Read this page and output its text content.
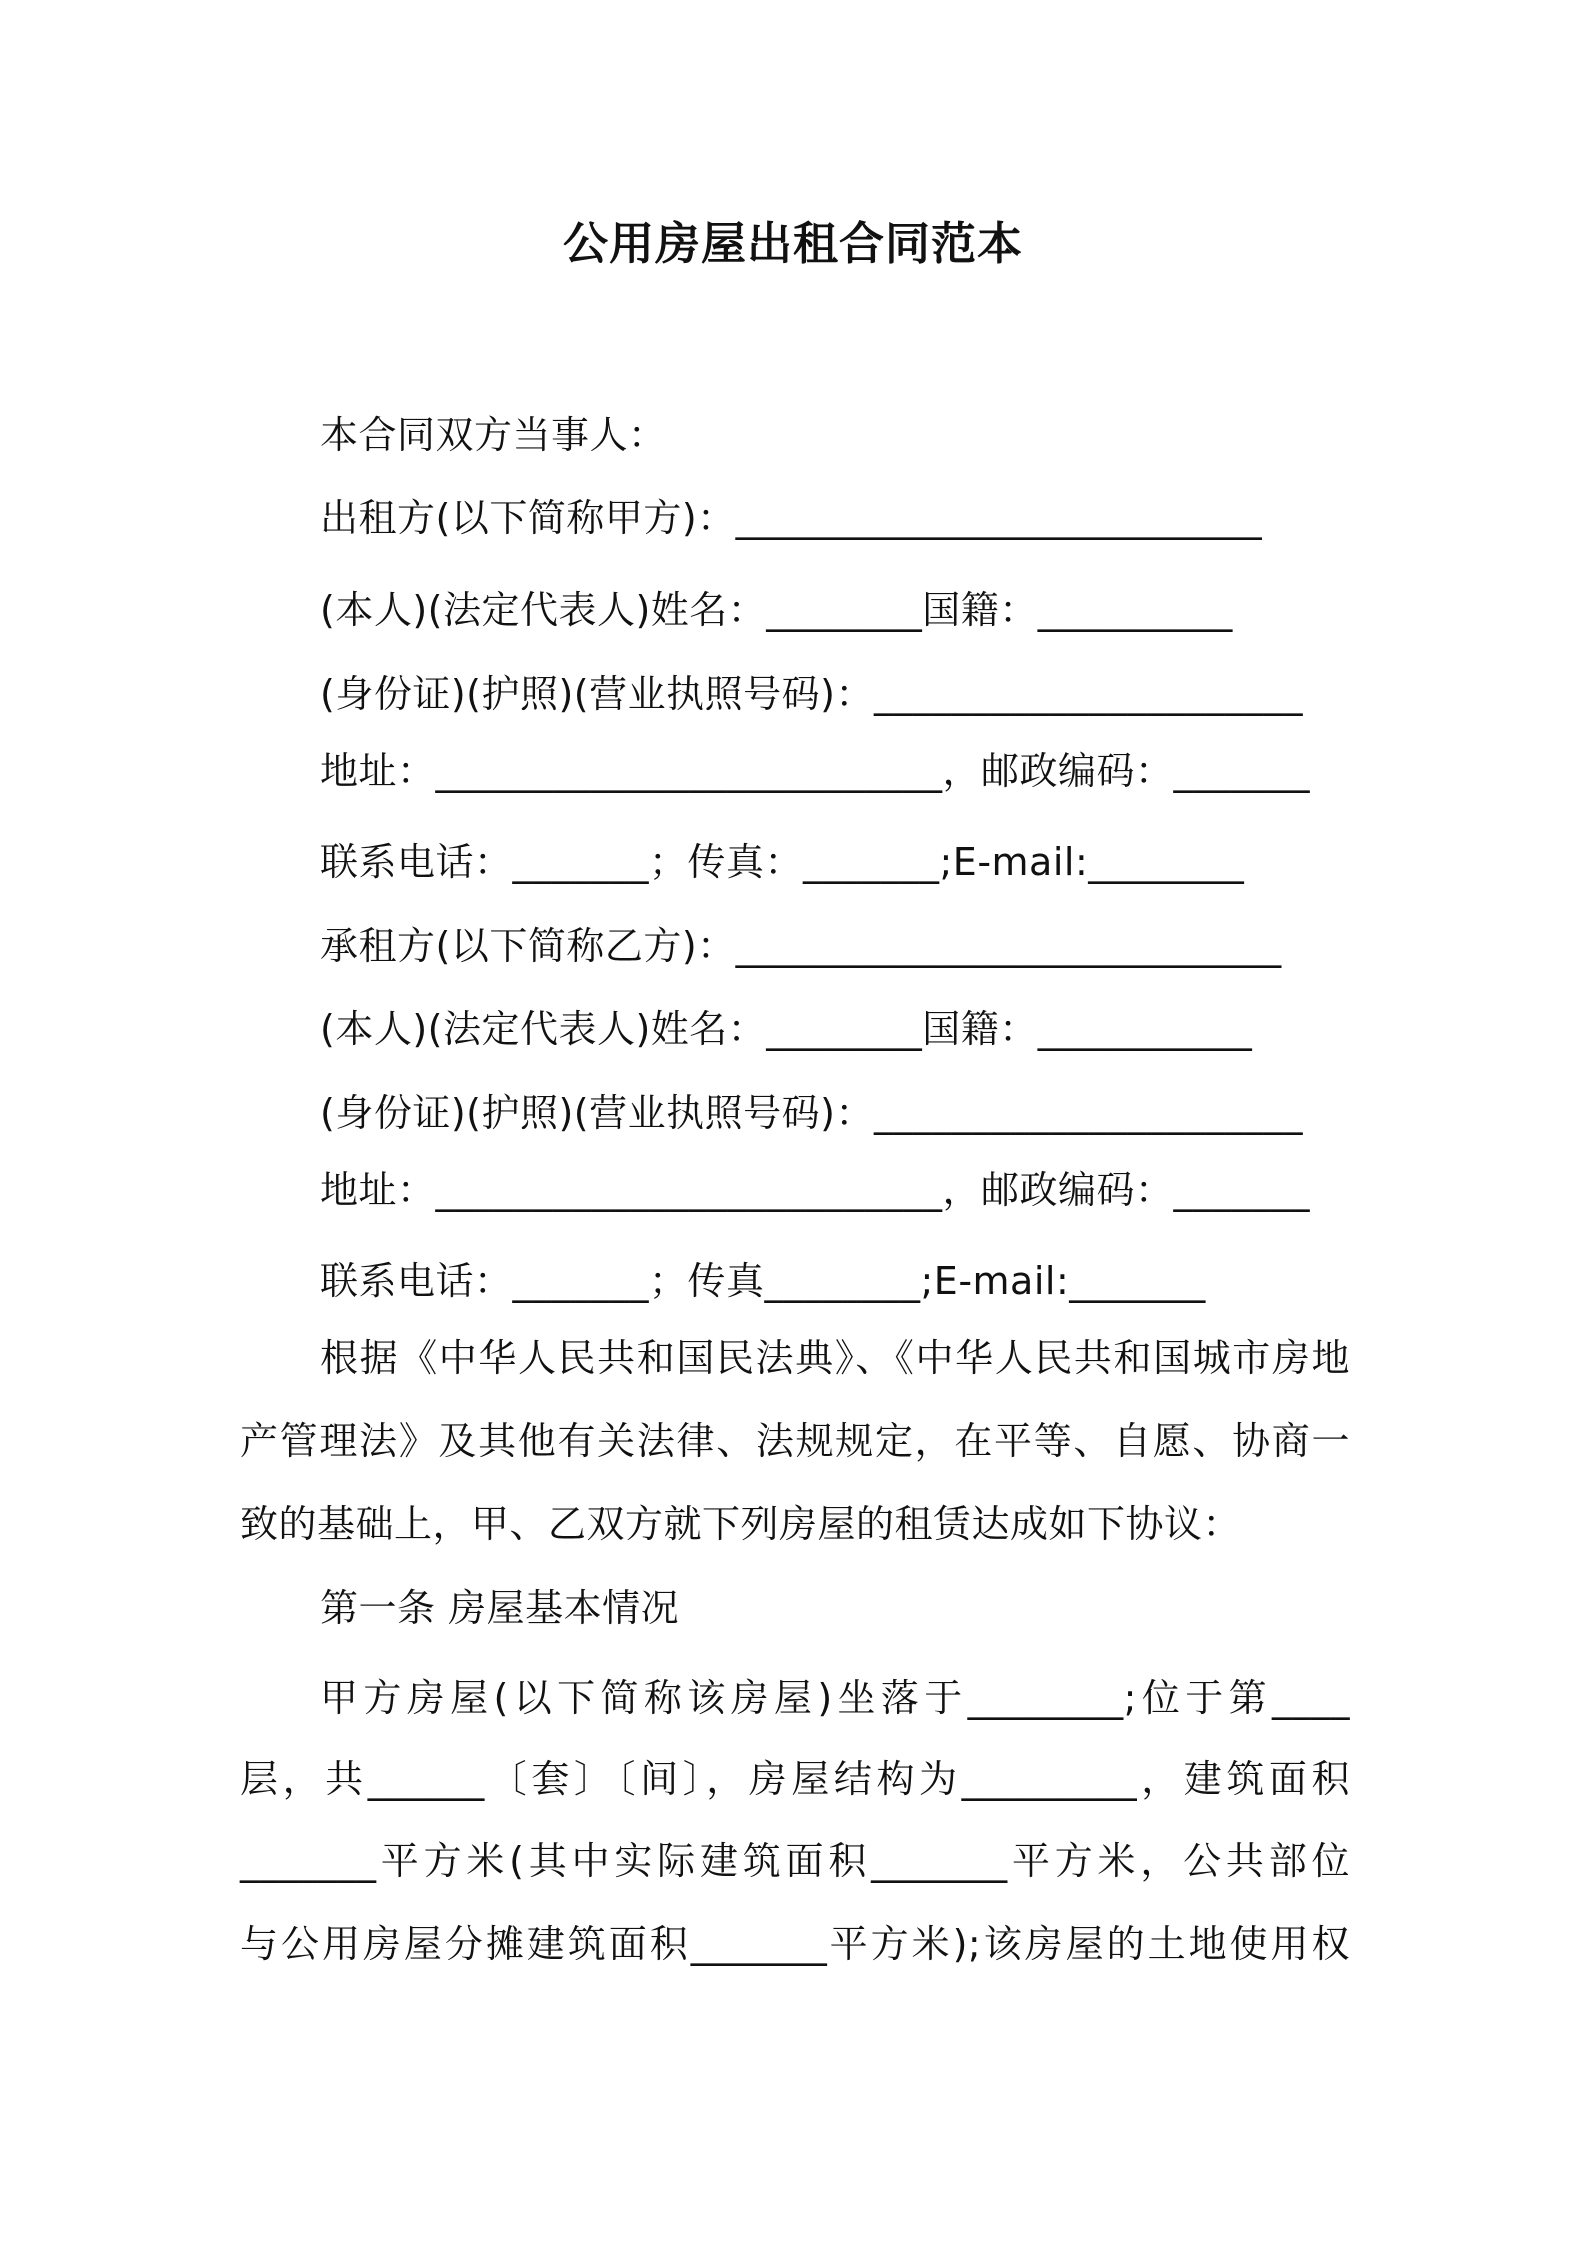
公用房屋出租合同范本
本合同双方当事人：
出租方(以下简称甲方)：___________________________
(本人)(法定代表人)姓名：________国籍：__________
(身份证)(护照)(营业执照号码)：______________________
地址：__________________________，邮政编码：_______
联系电话：_______；传真：_______;E-mail:________
承租方(以下简称乙方)：____________________________
(本人)(法定代表人)姓名：________国籍：___________
(身份证)(护照)(营业执照号码)：______________________
地址：__________________________，邮政编码：_______
联系电话：_______；传真________;E-mail:_______
根据《中华人民共和国民法典》、《中华人民共和国城市房地
产管理法》及其他有关法律、法规规定，在平等、自愿、协商一
致的基础上，甲、乙双方就下列房屋的租赁达成如下协议：
第一条 房屋基本情况
甲方房屋(以下简称该房屋)坐落于________;位于第____
层，共______〔套〕〔间〕，房屋结构为_________，建筑面积
_______平方米(其中实际建筑面积_______平方米，公共部位
与公用房屋分摊建筑面积_______平方米);该房屋的土地使用权
